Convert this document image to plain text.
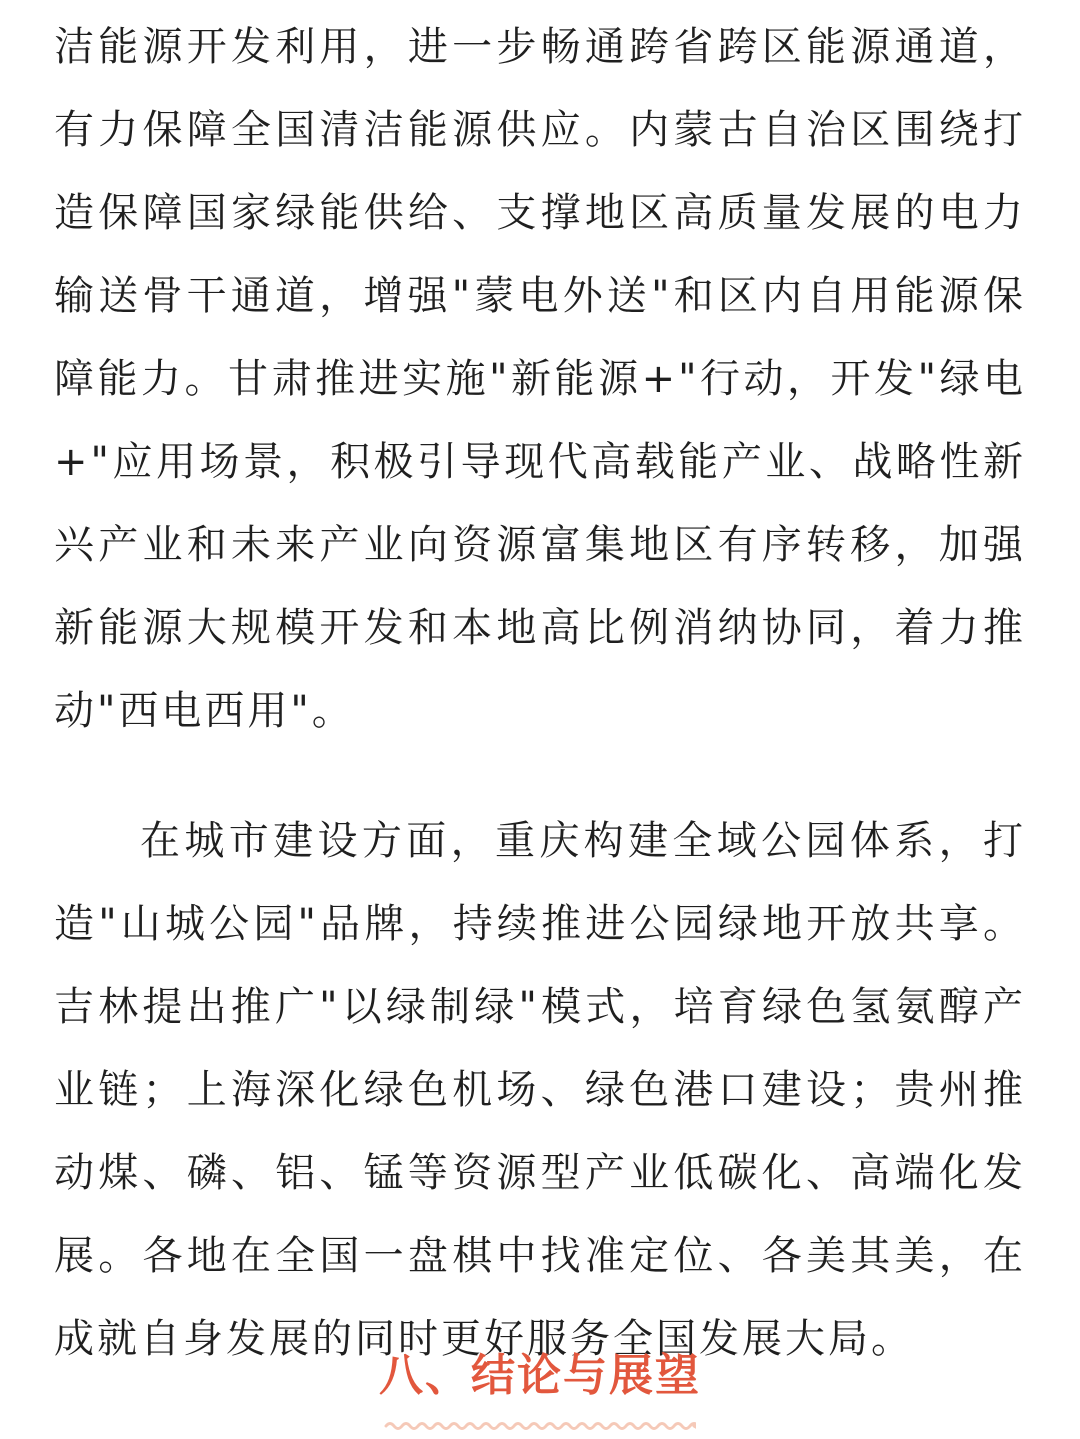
洁能源开发利用，进一步畅通跨省跨区能源通道，有力保障全国清洁能源供应。内蒙古自治区围绕打造保障国家绿能供给、支撑地区高质量发展的电力输送骨干通道，增强"蒙电外送"和区内自用能源保障能力。甘肃推进实施"新能源+"行动，开发"绿电+"应用场景，积极引导现代高载能产业、战略性新兴产业和未来产业向资源富集地区有序转移，加强新能源大规模开发和本地高比例消纳协同，着力推动"西电西用"。

在城市建设方面，重庆构建全域公园体系，打造"山城公园"品牌，持续推进公园绿地开放共享。吉林提出推广"以绿制绿"模式，培育绿色氢氨醇产业链；上海深化绿色机场、绿色港口建设；贵州推动煤、磷、铝、锰等资源型产业低碳化、高端化发展。各地在全国一盘棋中找准定位、各美其美，在成就自身发展的同时更好服务全国发展大局。

八、结论与展望
